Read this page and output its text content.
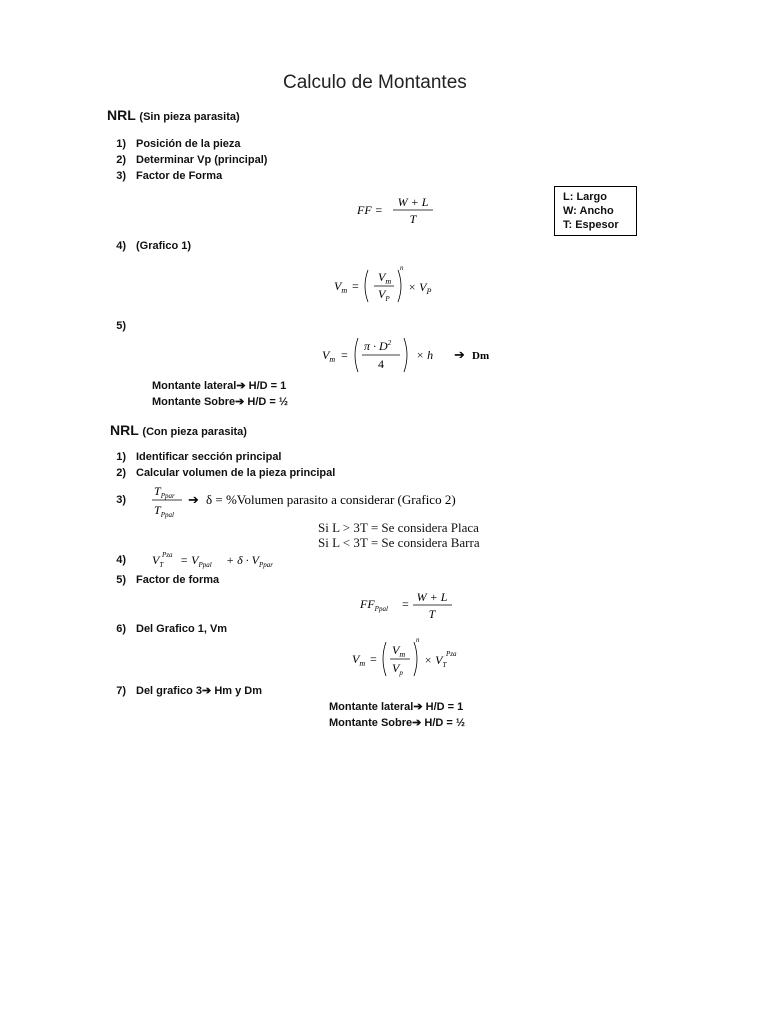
Calculo de Montantes
NRL (Sin pieza parasita)
1) Posición de la pieza
2) Determinar Vp (principal)
3) Factor de Forma
FF =
W + L
T
L: Largo
W: Ancho
T: Espesor
4) (Grafico 1)
$V_m$ =
$V_m$
$V_P$
n
× $V_P$
5)
$V_m$ =
$\pi \cdot D^2$
4
× h ➔ Dm
Montante lateral➔ H/D = 1
Montante Sobre➔ H/D = ½
NRL (Con pieza parasita)
1) Identificar sección principal
2) Calcular volumen de la pieza principal
3)
$T_{Ppar}$
$T_{Ppal}$
➔ δ = %Volumen parasito a considerar (Grafico 2)
Si L > 3T = Se considera Placa
Si L < 3T = Se considera Barra
4)	$V_T$
Pza = $V_{Ppal} + \delta \cdot V_{Ppar}$
5) Factor de forma
$FF_{Ppal} = W + L$
T
6) Del Grafico 1, Vm
$V_m$ =
$V_m$
$V_p$
n
× $V_T$
Pza
7) Del grafico 3➔ Hm y Dm
Montante lateral➔ H/D = 1
Montante Sobre➔ H/D = ½
